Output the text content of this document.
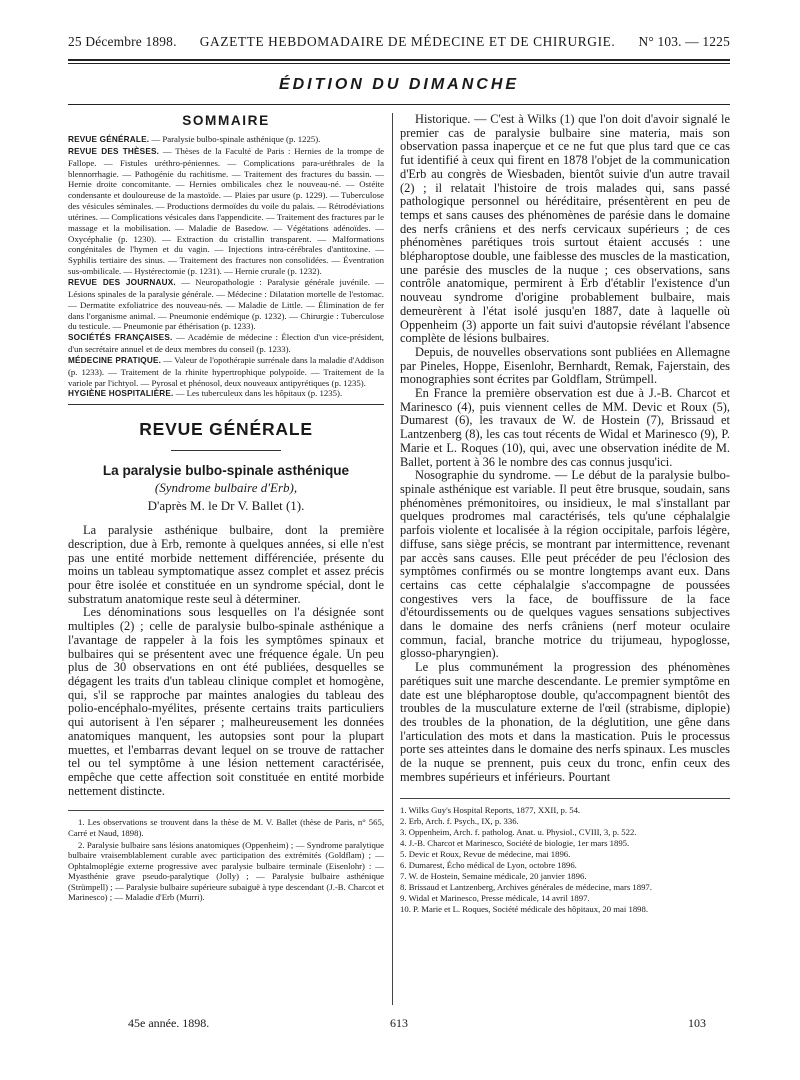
25 Décembre 1898. GAZETTE HEBDOMADAIRE DE MÉDECINE ET DE CHIRURGIE. N° 103. — 1225
ÉDITION DU DIMANCHE
SOMMAIRE

REVUE GÉNÉRALE. — Paralysie bulbo-spinale asthénique (p. 1225).

REVUE DES THÈSES. — Thèses de la Faculté de Paris : Hernies de la trompe de Fallope. — Fistules uréthro-péniennes. — Complications para-uréthrales de la blennorrhagie. — Pathogénie du rachitisme. — Traitement des fractures du bassin. — Hernie droite concomitante. — Hernies ombilicales chez le nouveau-né. — Ostéite condensante et douloureuse de la mastoïde. — Plaies par usure (p. 1229). — Tuberculose des vésicules séminales. — Productions dermoïdes du voile du palais. — Rétrodéviations utérines. — Complications vésicales dans l'appendicite. — Traitement des fractures par le massage et la mobilisation. — Maladie de Basedow. — Végétations adénoïdes. — Oxycéphalie (p. 1230). — Extraction du cristallin transparent. — Malformations congénitales de l'hymen et du vagin. — Injections intra-cérébrales d'antitoxine. — Syphilis tertiaire des sinus. — Traitement des fractures non consolidées. — Éventration sus-ombilicale. — Hystérectomie (p. 1231). — Hernie crurale (p. 1232).

REVUE DES JOURNAUX. — Neuropathologie : Paralysie générale juvénile. — Lésions spinales de la paralysie générale. — Médecine : Dilatation mortelle de l'estomac. — Dermatite exfoliatrice des nouveau-nés. — Maladie de Little. — Élimination de fer dans l'organisme animal. — Pneumonie endémique (p. 1232). — Chirurgie : Tuberculose du testicule. — Pneumonie par éthérisation (p. 1233).

SOCIÉTÉS FRANÇAISES. — Académie de médecine : Élection d'un vice-président, d'un secrétaire annuel et de deux membres du conseil (p. 1233).

MÉDECINE PRATIQUE. — Valeur de l'opothérapie surrénale dans la maladie d'Addison (p. 1233). — Traitement de la rhinite hypertrophique polypoïde. — Traitement de la variole par l'ichtyol. — Pyrosal et phénosol, deux nouveaux antipyrétiques (p. 1235).

HYGIÈNE HOSPITALIÈRE. — Les tuberculeux dans les hôpitaux (p. 1235).

REVUE GÉNÉRALE
La paralysie bulbo-spinale asthénique
(Syndrome bulbaire d'Erb),
D'après M. le Dr V. Ballet (1).

La paralysie asthénique bulbaire, dont la première description, due à Erb, remonte à quelques années, si elle n'est pas une entité morbide nettement différenciée, présente du moins un tableau symptomatique assez complet et assez précis pour être isolée et constituée en un syndrome spécial, dont le substratum anatomique reste seul à déterminer.

Les dénominations sous lesquelles on l'a désignée sont multiples (2) ; celle de paralysie bulbo-spinale asthénique a l'avantage de rappeler à la fois les symptômes spinaux et bulbaires qui se présentent avec une fréquence égale. Un peu plus de 30 observations en ont été publiées, desquelles se dégagent les traits d'un tableau clinique complet et homogène, qui, s'il se rapproche par maintes analogies du tableau des polio-encéphalo-myélites, présente certains traits particuliers qui autorisent à l'en séparer ; malheureusement les données anatomiques manquent, les autopsies sont pour la plupart muettes, et l'embarras devant lequel on se trouve de rattacher tel ou tel symptôme à une lésion nettement caractérisée, empêche que cette affection soit constituée en entité morbide nettement distincte.

1. Les observations se trouvent dans la thèse de M. V. Ballet (thèse de Paris, n° 565, Carré et Naud, 1898).

2. Paralysie bulbaire sans lésions anatomiques (Oppenheim) ; — Syndrome paralytique bulbaire vraisemblablement curable avec participation des extrémités (Goldflam) ; — Ophtalmoplégie externe progressive avec paralysie bulbaire terminale (Eisenlohr) : — Myasthénie grave pseudo-paralytique (Jolly) ; — Paralysie bulbaire asthénique (Strümpell) ; — Paralysie bulbaire supérieure subaiguë à type descendant (J.-B. Charcot et Marinesco) ; — Maladie d'Erb (Murri).

Historique. — C'est à Wilks (1) que l'on doit d'avoir signalé le premier cas de paralysie bulbaire sine materia, mais son observation passa inaperçue et ce ne fut que plus tard que ce cas fut identifié à ceux qui firent en 1878 l'objet de la communication d'Erb au congrès de Wiesbaden, bientôt suivie d'un autre travail (2) ; il relatait l'histoire de trois malades qui, sans passé pathologique personnel ou héréditaire, présentèrent en peu de temps et sans causes des phénomènes de parésie dans le domaine des nerfs crâniens et des nerfs cervicaux supérieurs ; de ces phénomènes parétiques trois surtout étaient accusés : une blépharoptose double, une faiblesse des muscles de la mastication, une parésie des muscles de la nuque ; ces observations, sans contrôle anatomique, permirent à Erb d'établir l'existence d'un nouveau syndrome d'origine probablement bulbaire, mais demeurèrent à l'état isolé jusqu'en 1887, date à laquelle où Oppenheim (3) apporte un fait suivi d'autopsie révélant l'absence complète de lésions bulbaires.

Depuis, de nouvelles observations sont publiées en Allemagne par Pineles, Hoppe, Eisenlohr, Bernhardt, Remak, Fajerstain, des monographies sont écrites par Goldflam, Strümpell.

En France la première observation est due à J.-B. Charcot et Marinesco (4), puis viennent celles de MM. Devic et Roux (5), Dumarest (6), les travaux de W. de Hostein (7), Brissaud et Lantzenberg (8), les cas tout récents de Widal et Marinesco (9), P. Marie et L. Roques (10), qui, avec une observation inédite de M. Ballet, portent à 36 le nombre des cas connus jusqu'ici.

Nosographie du syndrome. — Le début de la paralysie bulbo-spinale asthénique est variable. Il peut être brusque, soudain, sans phénomènes prémonitoires, ou insidieux, le mal s'installant par quelques prodromes mal caractérisés, tels qu'une céphalalgie parfois violente et localisée à la région occipitale, parfois légère, diffuse, sans siège précis, se montrant par intermittence, revenant par accès sans causes. Elle peut précéder de peu l'éclosion des symptômes confirmés ou se montre longtemps avant eux. Dans certains cas cette céphalalgie s'accompagne de poussées congestives vers la face, de bouffissure de la face d'étourdissements ou de quelques vagues sensations subjectives dans le domaine des nerfs crâniens (nerf moteur oculaire commun, facial, branche motrice du trijumeau, hypoglosse, glosso-pharyngien).

Le plus communément la progression des phénomènes parétiques suit une marche descendante. Le premier symptôme en date est une blépharoptose double, qu'accompagnent bientôt des troubles de la musculature externe de l'œil (strabisme, diplopie) des troubles de la phonation, de la déglutition, une gêne dans l'articulation des mots et dans la mastication. Puis le processus porte ses atteintes dans le domaine des nerfs spinaux. Les muscles de la nuque se prennent, puis ceux du tronc, enfin ceux des membres supérieurs et inférieurs. Pourtant

1. Wilks Guy's Hospital Reports, 1877, XXII, p. 54.

2. Erb, Arch. f. Psych., IX, p. 336.

3. Oppenheim, Arch. f. patholog. Anat. u. Physiol., CVIII, 3, p. 522.

4. J.-B. Charcot et Marinesco, Société de biologie, 1er mars 1895.

5. Devic et Roux, Revue de médecine, mai 1896.

6. Dumarest, Écho médical de Lyon, octobre 1896.

7. W. de Hostein, Semaine médicale, 20 janvier 1896.

8. Brissaud et Lantzenberg, Archives générales de médecine, mars 1897.

9. Widal et Marinesco, Presse médicale, 14 avril 1897.

10. P. Marie et L. Roques, Société médicale des hôpitaux, 20 mai 1898.

45e année. 1898.	613	103
